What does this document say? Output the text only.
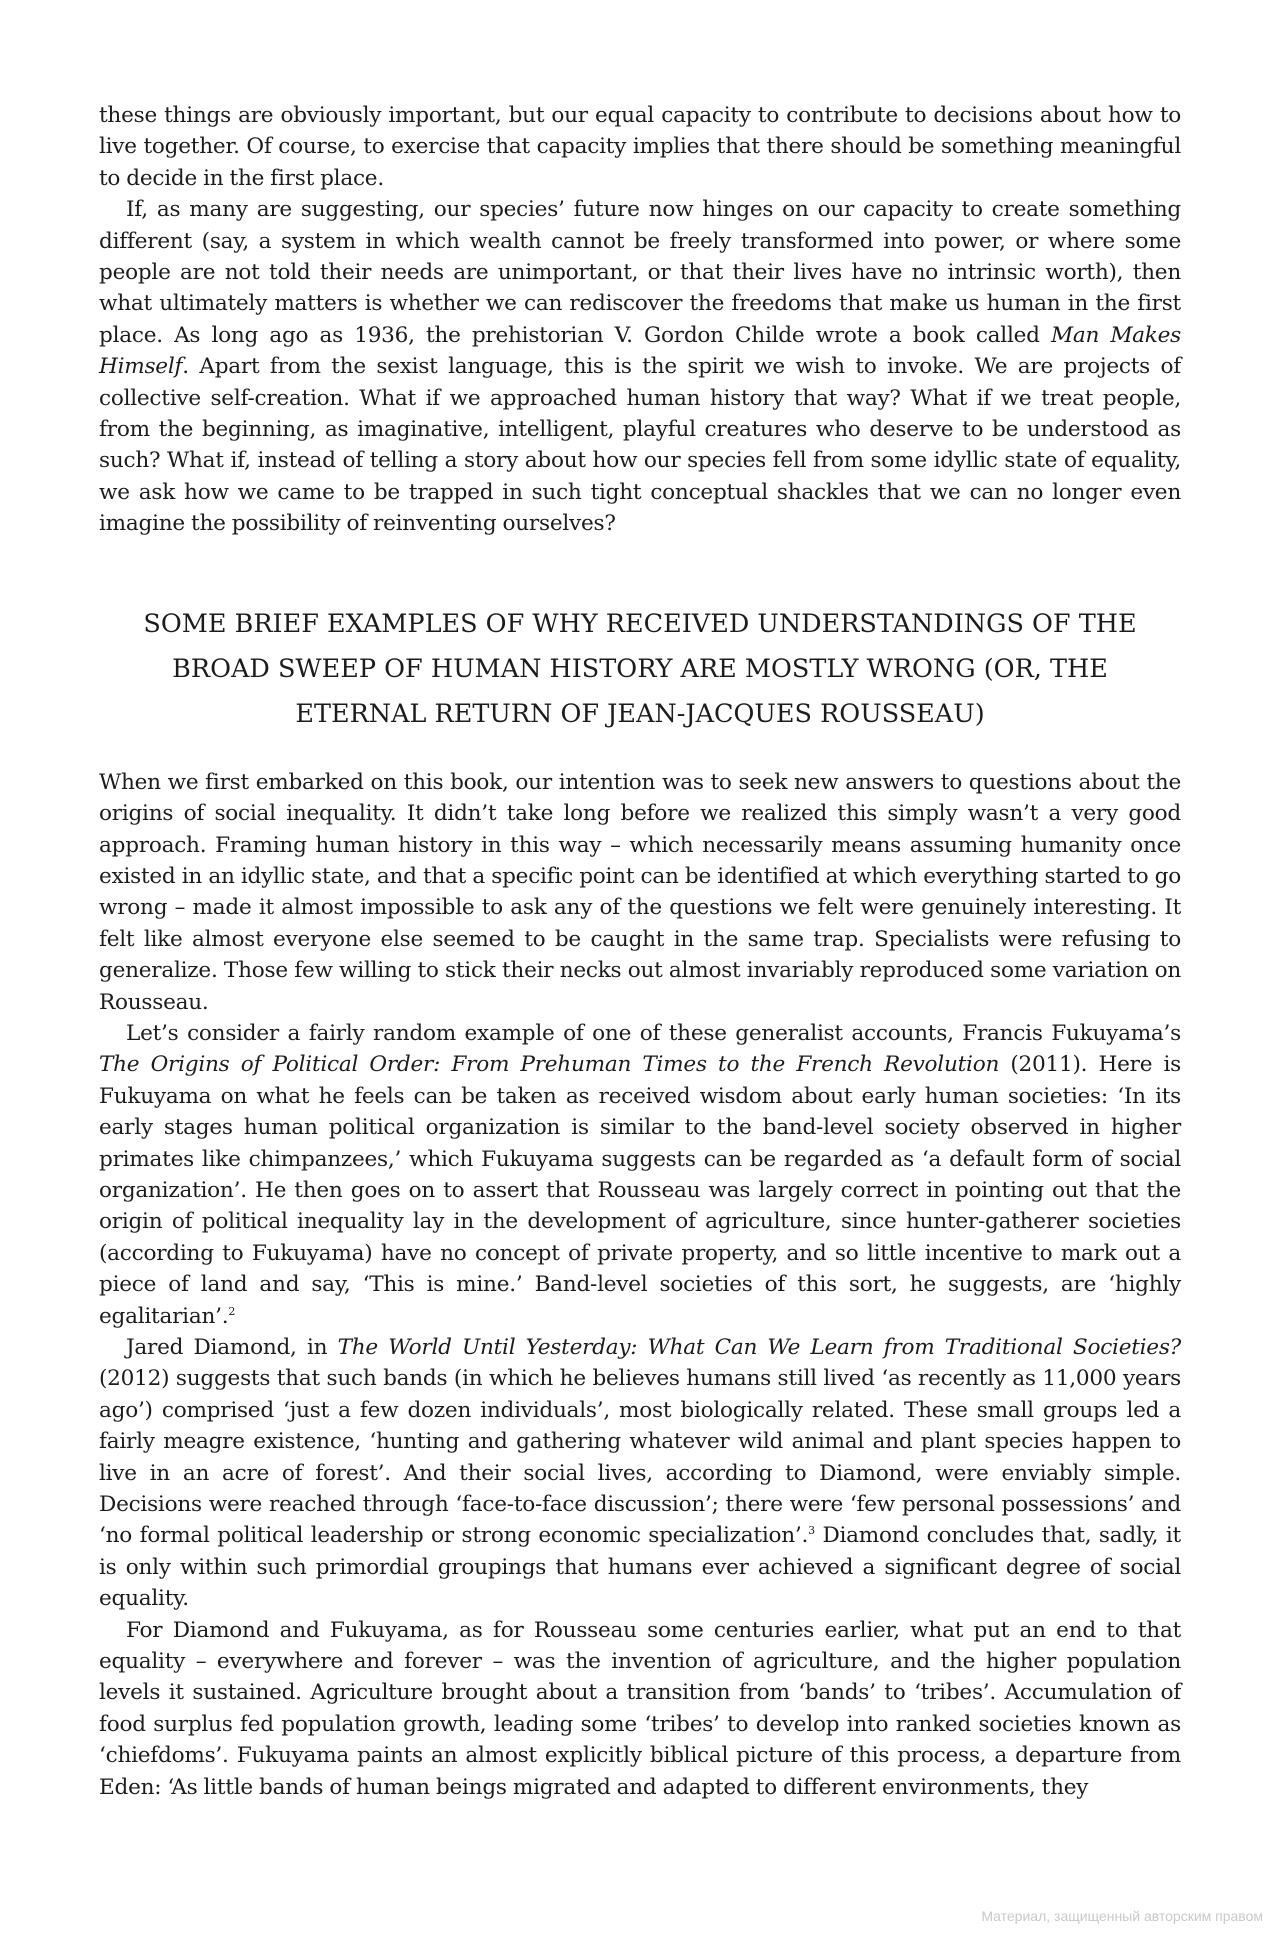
these things are obviously important, but our equal capacity to contribute to decisions about how to live together. Of course, to exercise that capacity implies that there should be something meaningful to decide in the first place.

If, as many are suggesting, our species’ future now hinges on our capacity to create something different (say, a system in which wealth cannot be freely transformed into power, or where some people are not told their needs are unimportant, or that their lives have no intrinsic worth), then what ultimately matters is whether we can rediscover the freedoms that make us human in the first place. As long ago as 1936, the prehistorian V. Gordon Childe wrote a book called Man Makes Himself. Apart from the sexist language, this is the spirit we wish to invoke. We are projects of collective self-creation. What if we approached human history that way? What if we treat people, from the beginning, as imaginative, intelligent, playful creatures who deserve to be understood as such? What if, instead of telling a story about how our species fell from some idyllic state of equality, we ask how we came to be trapped in such tight conceptual shackles that we can no longer even imagine the possibility of reinventing ourselves?

SOME BRIEF EXAMPLES OF WHY RECEIVED UNDERSTANDINGS OF THE
BROAD SWEEP OF HUMAN HISTORY ARE MOSTLY WRONG (OR, THE
ETERNAL RETURN OF JEAN-JACQUES ROUSSEAU)

When we first embarked on this book, our intention was to seek new answers to questions about the origins of social inequality. It didn’t take long before we realized this simply wasn’t a very good approach. Framing human history in this way – which necessarily means assuming humanity once existed in an idyllic state, and that a specific point can be identified at which everything started to go wrong – made it almost impossible to ask any of the questions we felt were genuinely interesting. It felt like almost everyone else seemed to be caught in the same trap. Specialists were refusing to generalize. Those few willing to stick their necks out almost invariably reproduced some variation on Rousseau.

Let’s consider a fairly random example of one of these generalist accounts, Francis Fukuyama’s The Origins of Political Order: From Prehuman Times to the French Revolution (2011). Here is Fukuyama on what he feels can be taken as received wisdom about early human societies: ‘In its early stages human political organization is similar to the band-level society observed in higher primates like chimpanzees,’ which Fukuyama suggests can be regarded as ‘a default form of social organization’. He then goes on to assert that Rousseau was largely correct in pointing out that the origin of political inequality lay in the development of agriculture, since hunter-gatherer societies (according to Fukuyama) have no concept of private property, and so little incentive to mark out a piece of land and say, ‘This is mine.’ Band-level societies of this sort, he suggests, are ‘highly egalitarian’.$^2$

Jared Diamond, in The World Until Yesterday: What Can We Learn from Traditional Societies? (2012) suggests that such bands (in which he believes humans still lived ‘as recently as 11,000 years ago’) comprised ‘just a few dozen individuals’, most biologically related. These small groups led a fairly meagre existence, ‘hunting and gathering whatever wild animal and plant species happen to live in an acre of forest’. And their social lives, according to Diamond, were enviably simple. Decisions were reached through ‘face-to-face discussion’; there were ‘few personal possessions’ and ‘no formal political leadership or strong economic specialization’.$^3$ Diamond concludes that, sadly, it is only within such primordial groupings that humans ever achieved a significant degree of social equality.

For Diamond and Fukuyama, as for Rousseau some centuries earlier, what put an end to that equality – everywhere and forever – was the invention of agriculture, and the higher population levels it sustained. Agriculture brought about a transition from ‘bands’ to ‘tribes’. Accumulation of food surplus fed population growth, leading some ‘tribes’ to develop into ranked societies known as ‘chiefdoms’. Fukuyama paints an almost explicitly biblical picture of this process, a departure from Eden: ‘As little bands of human beings migrated and adapted to different environments, they

Материал, защищенный авторским правом
